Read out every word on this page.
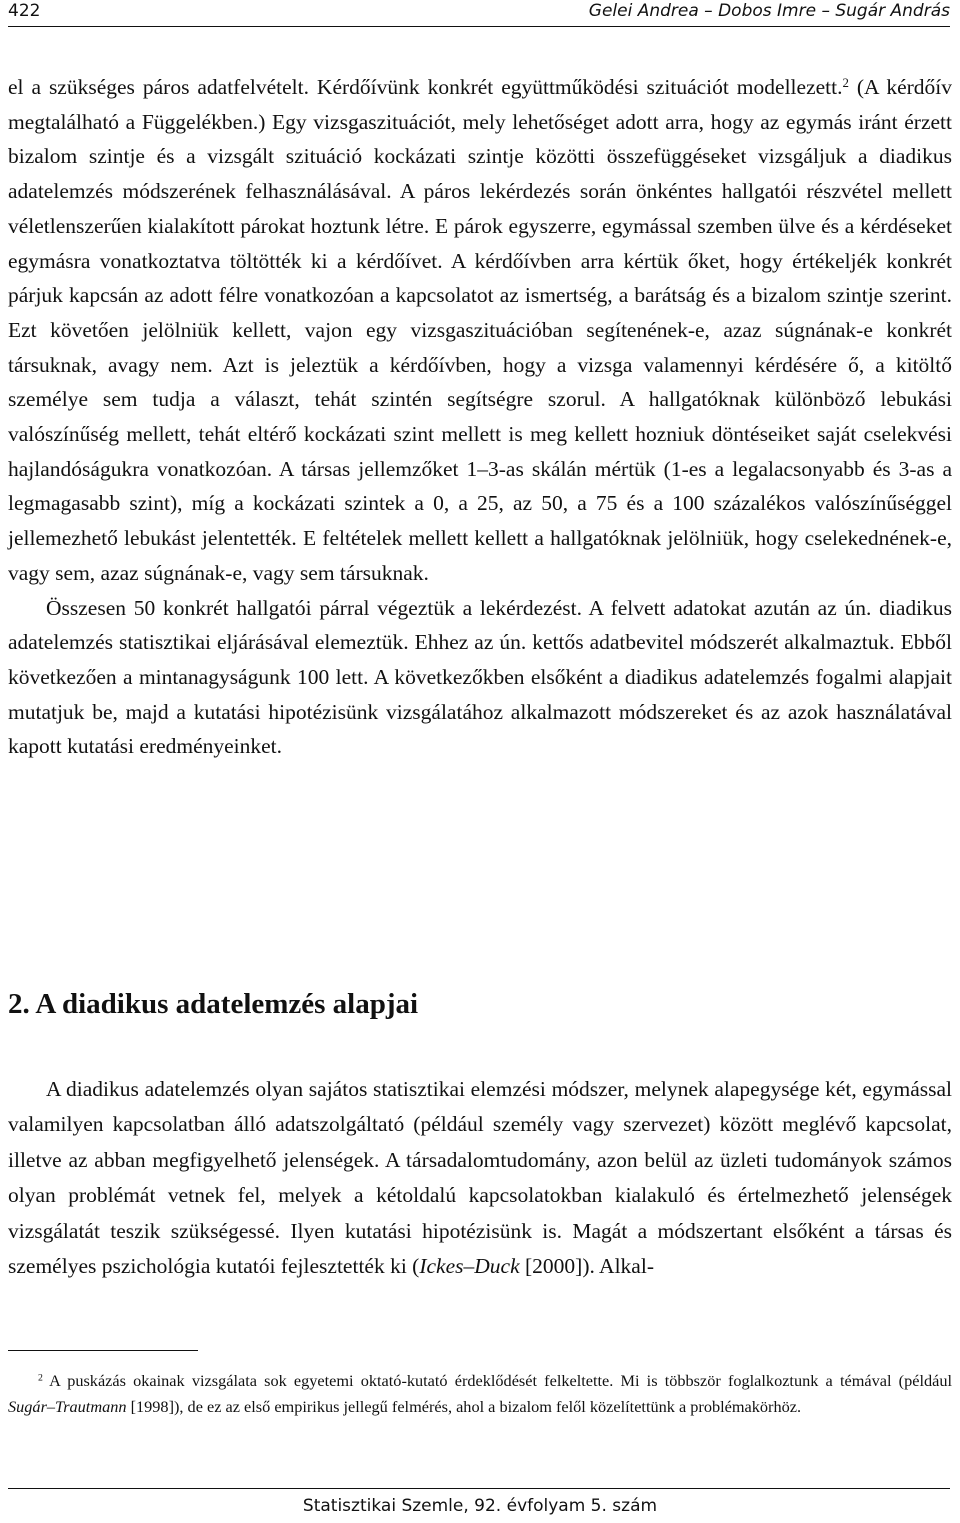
422	Gelei Andrea – Dobos Imre – Sugár András

el a szükséges páros adatfelvételt. Kérdőívünk konkrét együttműködési szituációt modellezett.$^2$ (A kérdőív megtalálható a Függelékben.) Egy vizsgaszituációt, mely lehetőséget adott arra, hogy az egymás iránt érzett bizalom szintje és a vizsgált szituáció kockázati szintje közötti összefüggéseket vizsgáljuk a diadikus adatelemzés módszerének felhasználásával. A páros lekérdezés során önkéntes hallgatói részvétel mellett véletlenszerűen kialakított párokat hoztunk létre. E párok egyszerre, egymással szemben ülve és a kérdéseket egymásra vonatkoztatva töltötték ki a kérdőívet. A kérdőívben arra kértük őket, hogy értékeljék konkrét párjuk kapcsán az adott félre vonatkozóan a kapcsolatot az ismertség, a barátság és a bizalom szintje szerint. Ezt követően jelölniük kellett, vajon egy vizsgaszituációban segítenének-e, azaz súgnának-e konkrét társuknak, avagy nem. Azt is jeleztük a kérdőívben, hogy a vizsga valamennyi kérdésére ő, a kitöltő személye sem tudja a választ, tehát szintén segítségre szorul. A hallgatóknak különböző lebukási valószínűség mellett, tehát eltérő kockázati szint mellett is meg kellett hozniuk döntéseiket saját cselekvési hajlandóságukra vonatkozóan. A társas jellemzőket 1–3-as skálán mértük (1-es a legalacsonyabb és 3-as a legmagasabb szint), míg a kockázati szintek a 0, a 25, az 50, a 75 és a 100 százalékos valószínűséggel jellemezhető lebukást jelentették. E feltételek mellett kellett a hallgatóknak jelölniük, hogy cselekednének-e, vagy sem, azaz súgnának-e, vagy sem társuknak.

Összesen 50 konkrét hallgatói párral végeztük a lekérdezést. A felvett adatokat azután az ún. diadikus adatelemzés statisztikai eljárásával elemeztük. Ehhez az ún. kettős adatbevitel módszerét alkalmaztuk. Ebből következően a mintanagyságunk 100 lett. A következőkben elsőként a diadikus adatelemzés fogalmi alapjait mutatjuk be, majd a kutatási hipotézisünk vizsgálatához alkalmazott módszereket és az azok használatával kapott kutatási eredményeinket.

2. A diadikus adatelemzés alapjai

A diadikus adatelemzés olyan sajátos statisztikai elemzési módszer, melynek alapegysége két, egymással valamilyen kapcsolatban álló adatszolgáltató (például személy vagy szervezet) között meglévő kapcsolat, illetve az abban megfigyelhető jelenségek. A társadalomtudomány, azon belül az üzleti tudományok számos olyan problémát vetnek fel, melyek a kétoldalú kapcsolatokban kialakuló és értelmezhető jelenségek vizsgálatát teszik szükségessé. Ilyen kutatási hipotézisünk is. Magát a módszertant elsőként a társas és személyes pszichológia kutatói fejlesztették ki (Ickes–Duck [2000]). Alkal-

$^2$ A puskázás okainak vizsgálata sok egyetemi oktató-kutató érdeklődését felkeltette. Mi is többször foglalkoztunk a témával (például Sugár–Trautmann [1998]), de ez az első empirikus jellegű felmérés, ahol a bizalom felől közelítettünk a problémakörhöz.

Statisztikai Szemle, 92. évfolyam 5. szám
